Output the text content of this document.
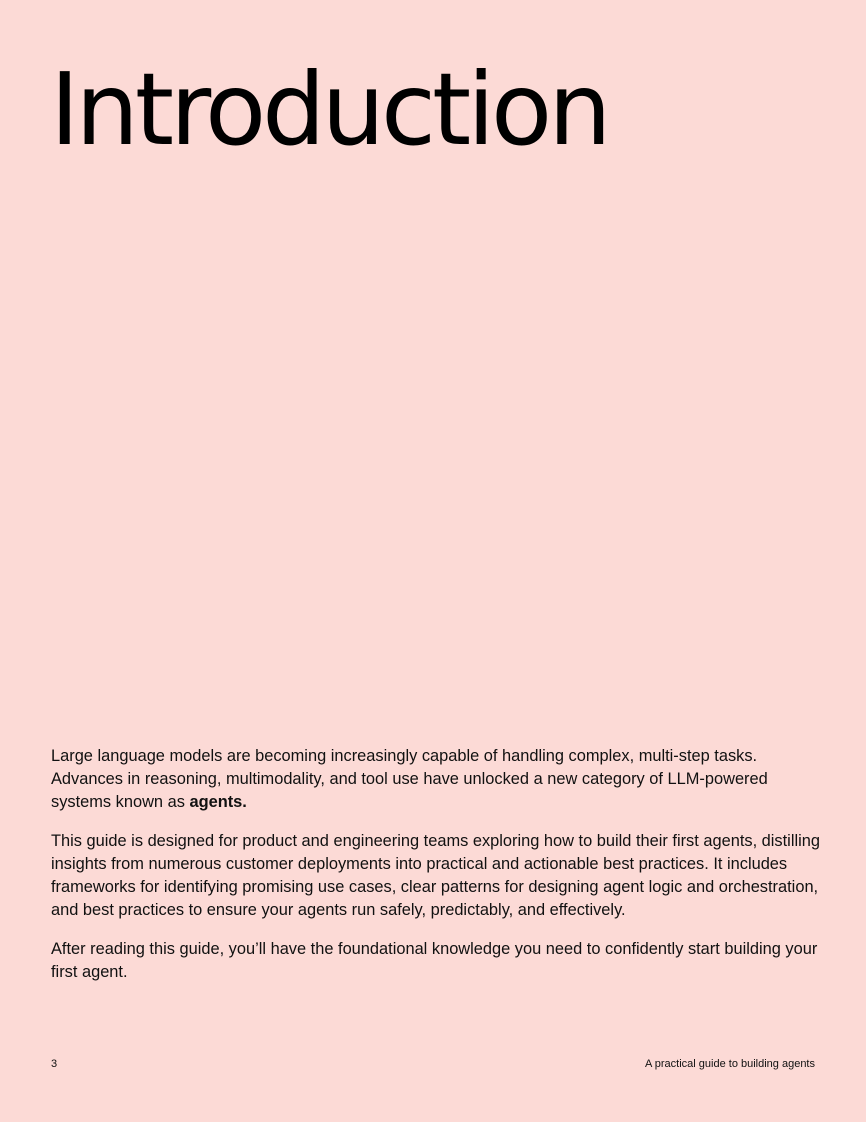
Introduction

Large language models are becoming increasingly capable of handling complex, multi-step tasks. Advances in reasoning, multimodality, and tool use have unlocked a new category of LLM-powered systems known as agents.

This guide is designed for product and engineering teams exploring how to build their first agents, distilling insights from numerous customer deployments into practical and actionable best practices. It includes frameworks for identifying promising use cases, clear patterns for designing agent logic and orchestration, and best practices to ensure your agents run safely, predictably, and effectively.

After reading this guide, you’ll have the foundational knowledge you need to confidently start building your first agent.

3	A practical guide to building agents
